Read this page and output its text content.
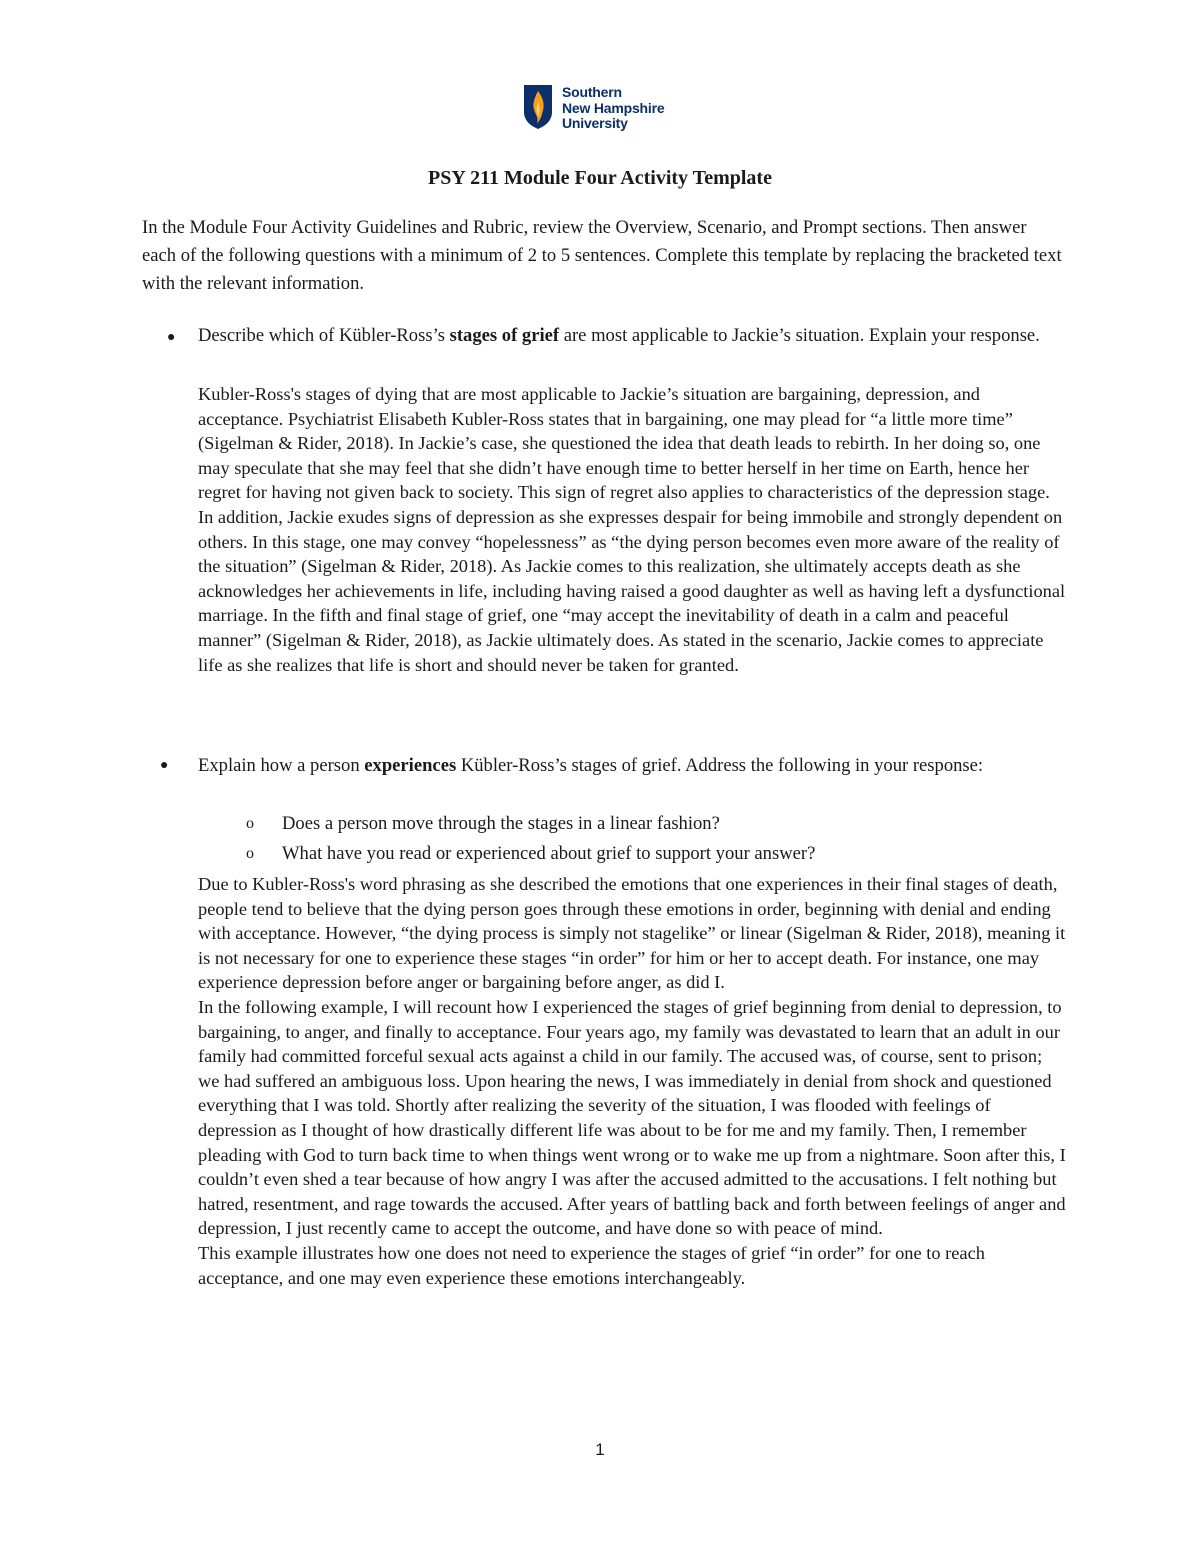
Southern
New Hampshire
University
PSY 211 Module Four Activity Template

In the Module Four Activity Guidelines and Rubric, review the Overview, Scenario, and Prompt sections. Then answer each of the following questions with a minimum of 2 to 5 sentences. Complete this template by replacing the bracketed text with the relevant information.

● Describe which of Kübler-Ross’s stages of grief are most applicable to Jackie’s situation. Explain your response.

Kubler-Ross's stages of dying that are most applicable to Jackie’s situation are bargaining, depression, and acceptance. Psychiatrist Elisabeth Kubler-Ross states that in bargaining, one may plead for “a little more time” (Sigelman & Rider, 2018). In Jackie’s case, she questioned the idea that death leads to rebirth. In her doing so, one may speculate that she may feel that she didn’t have enough time to better herself in her time on Earth, hence her regret for having not given back to society. This sign of regret also applies to characteristics of the depression stage. In addition, Jackie exudes signs of depression as she expresses despair for being immobile and strongly dependent on others. In this stage, one may convey “hopelessness” as “the dying person becomes even more aware of the reality of the situation” (Sigelman & Rider, 2018). As Jackie comes to this realization, she ultimately accepts death as she acknowledges her achievements in life, including having raised a good daughter as well as having left a dysfunctional marriage. In the fifth and final stage of grief, one “may accept the inevitability of death in a calm and peaceful manner” (Sigelman & Rider, 2018), as Jackie ultimately does. As stated in the scenario, Jackie comes to appreciate life as she realizes that life is short and should never be taken for granted.

● Explain how a person experiences Kübler-Ross’s stages of grief. Address the following in your response:
o Does a person move through the stages in a linear fashion?
o What have you read or experienced about grief to support your answer?

Due to Kubler-Ross's word phrasing as she described the emotions that one experiences in their final stages of death, people tend to believe that the dying person goes through these emotions in order, beginning with denial and ending with acceptance. However, “the dying process is simply not stagelike” or linear (Sigelman & Rider, 2018), meaning it is not necessary for one to experience these stages “in order” for him or her to accept death. For instance, one may experience depression before anger or bargaining before anger, as did I.

In the following example, I will recount how I experienced the stages of grief beginning from denial to depression, to bargaining, to anger, and finally to acceptance. Four years ago, my family was devastated to learn that an adult in our family had committed forceful sexual acts against a child in our family. The accused was, of course, sent to prison; we had suffered an ambiguous loss. Upon hearing the news, I was immediately in denial from shock and questioned everything that I was told. Shortly after realizing the severity of the situation, I was flooded with feelings of depression as I thought of how drastically different life was about to be for me and my family. Then, I remember pleading with God to turn back time to when things went wrong or to wake me up from a nightmare. Soon after this, I couldn’t even shed a tear because of how angry I was after the accused admitted to the accusations. I felt nothing but hatred, resentment, and rage towards the accused. After years of battling back and forth between feelings of anger and depression, I just recently came to accept the outcome, and have done so with peace of mind.

This example illustrates how one does not need to experience the stages of grief “in order” for one to reach acceptance, and one may even experience these emotions interchangeably.

1
